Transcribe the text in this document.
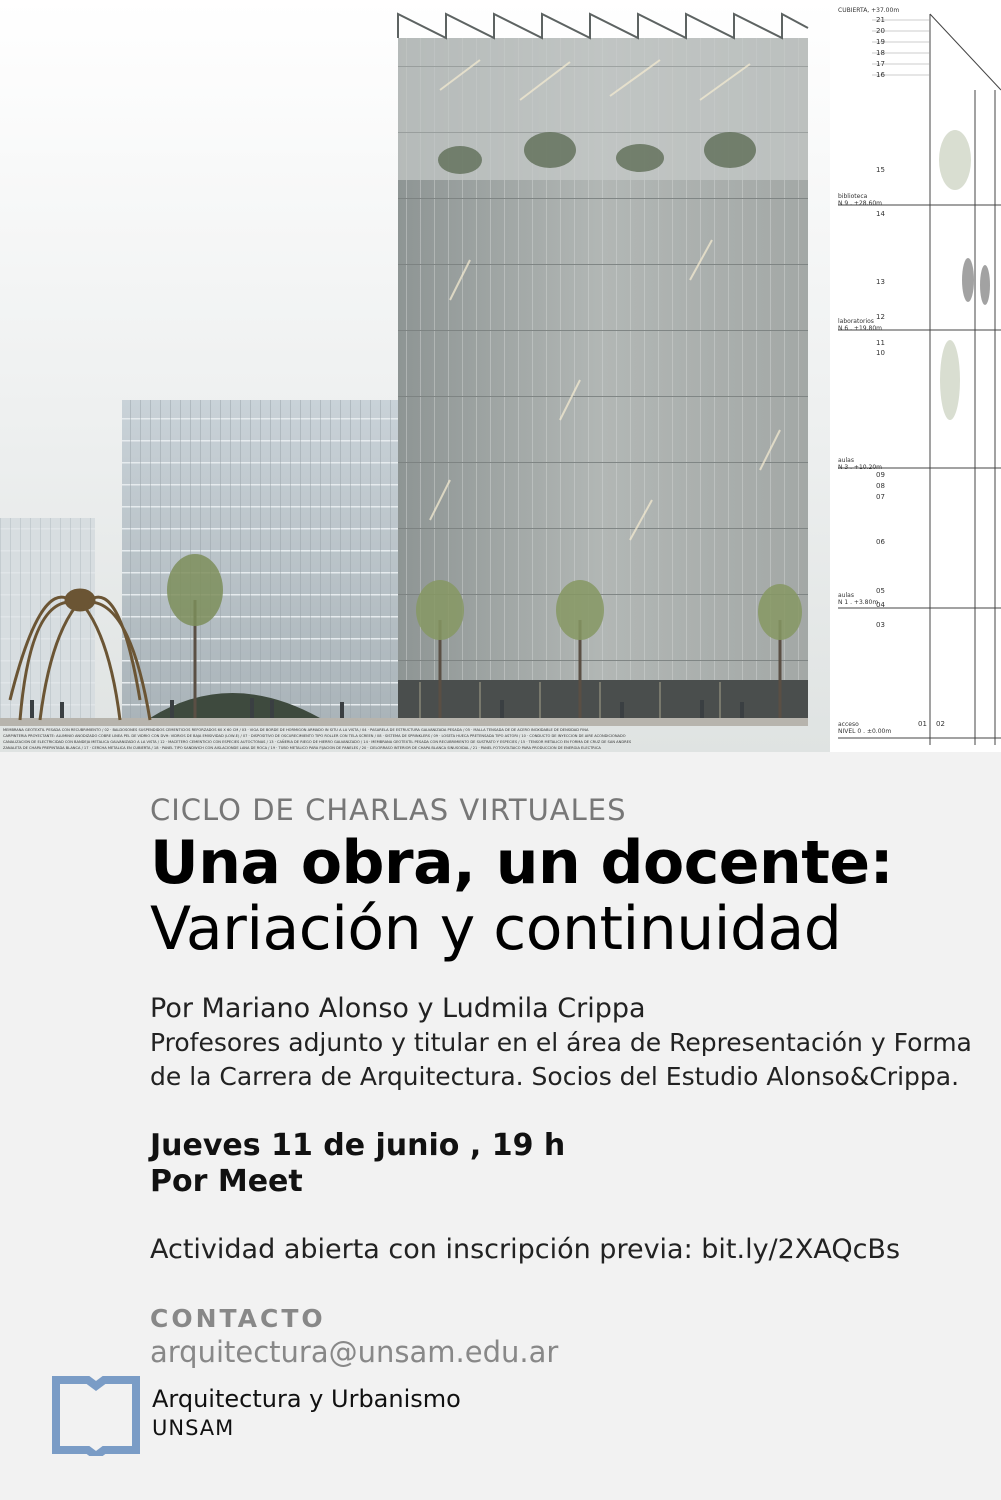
CUBIERTA, +37.00m
21
20
19
18
17
16
15
biblioteca
N 9 . +28.60m
14
13
12
laboratorios
N 6 . +19.80m
11
10
aulas
N 3 . +10.20m
09
08
07
06
05
aulas
N 1 . +3.80m
04
03
acceso
NIVEL 0 . ±0.00m
01 02
MEMBRANA GEOTEXTIL PESADA CON RECUBRIMIENTO / 02 · BALDOSONES SUSPENDIDOS CEMENTICIOS REFORZADOS 60 X 60 CM / 03 · VIGA DE BORDE DE HORMIGON ARMADO IN SITU A LA VISTA / 04 · PASARELA DE ESTRUCTURA GALVANIZADA PESADA / 05 · MALLA TENSADA DE DE ACERO INOXIDABLE DE DENSIDAD FINA
CARPINTERIA PROYECTANTE: ALUMINIO ANODIZADO COBRE LINEA PEL DE VIDRIO CON DVH: VIDRIOS DE BAJA EMISIVIDAD (LOW-E) / 07 · DISPOSITIVO DE OSCURECIMIENTO TIPO ROLLER CON TELA SCREEN / 08 · SISTEMA DE SPRINKLERS / 09 · LOSETA HUECA PRETENSADA TIPO ASTORI / 10 · CONDUCTO DE INYECCION DE AIRE ACONDICIONADO
CANALIZACION DE ELECTRICIDAD CON BANDEJA METALICA GALVANIZADO A LA VISTA / 12 · MACETERO CEMENTICIO CON ESPECIES AUTOCTONAS / 13 · CAÑERIA DE RIEGO DE HIERRO GALVANIZADO / 14 · MEMBRANA GEOTEXTIL PESADA CON RECUBRIMIENTO DE SUSTRATO Y ESPECIES / 15 · TENSOR METALICO EN FORMA DE CRUZ DE SAN ANDRES
ZANALETA DE CHAPA PREPINTADA BLANCA / 17 · CERCHA METALICA EN CUBIERTA / 18 · PANEL TIPO SANDWICH CON AISLACIONDE LANA DE ROCA / 19 · TUBO METALICO PARA FIJACION DE PANELES / 20 · CIELORRASO INTERIOR DE CHAPA BLANCA SINUSOIDAL / 21 · PANEL FOTOVOLTAICO PARA PRODUCCION DE ENERGIA ELECTRICA

CICLO DE CHARLAS VIRTUALES

Una obra, un docente:
Variación y continuidad
Por Mariano Alonso y Ludmila Crippa
Profesores adjunto y titular en el área de Representación y Forma
de la Carrera de Arquitectura. Socios del Estudio Alonso&Crippa.
Jueves 11 de junio , 19 h
Por Meet
Actividad abierta con inscripción previa: bit.ly/2XAQcBs
CONTACTO
arquitectura@unsam.edu.ar
Arquitectura y Urbanismo
UNSAM
